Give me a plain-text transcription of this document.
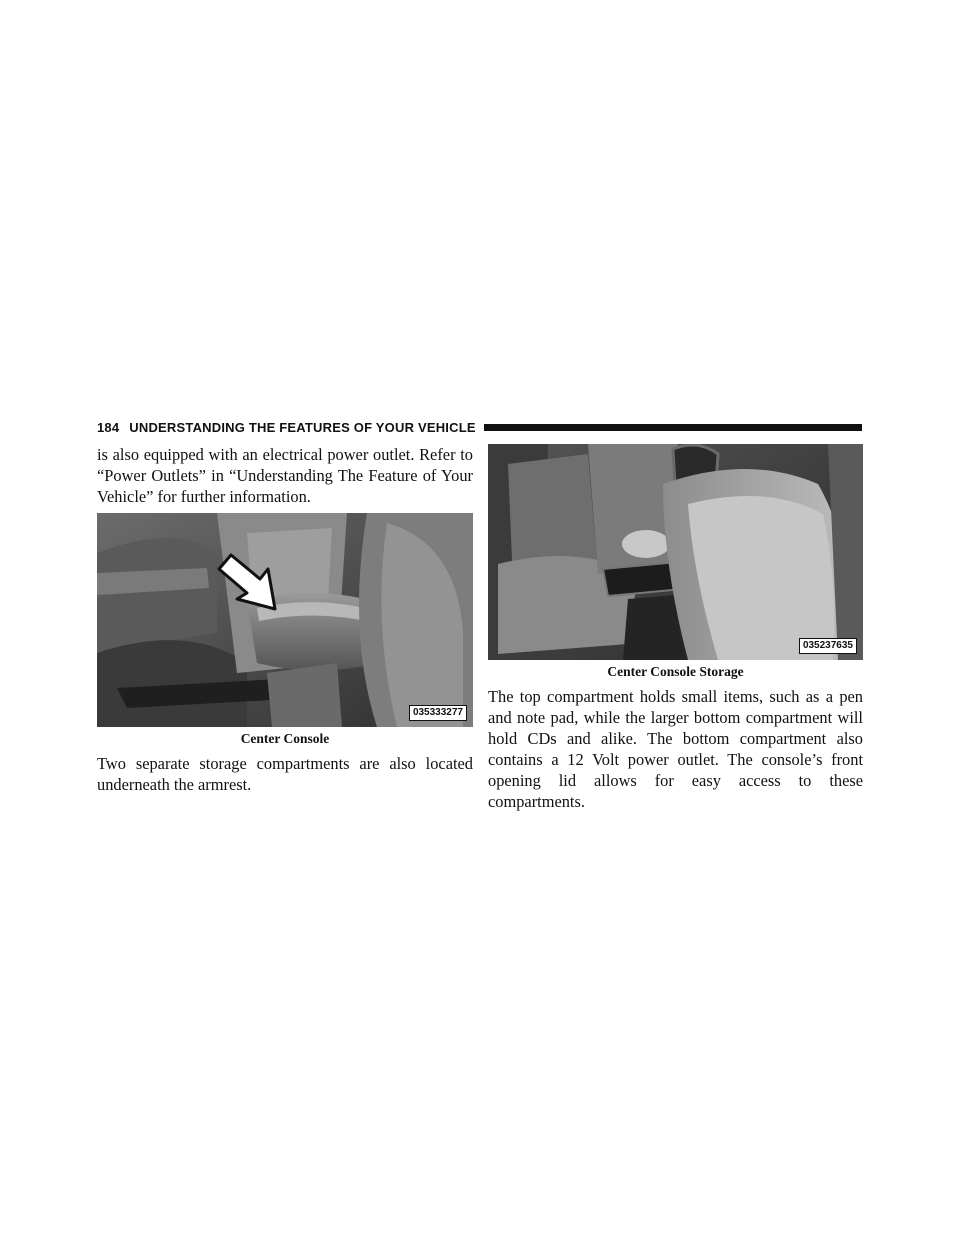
184 UNDERSTANDING THE FEATURES OF YOUR VEHICLE

is also equipped with an electrical power outlet. Refer to “Power Outlets” in “Understanding The Feature of Your Vehicle” for further information.

035333277
Center Console

Two separate storage compartments are also located underneath the armrest.

035237635
Center Console Storage

The top compartment holds small items, such as a pen and note pad, while the larger bottom compartment will hold CDs and alike. The bottom compartment also contains a 12 Volt power outlet. The console’s front opening lid allows for easy access to these compartments.
